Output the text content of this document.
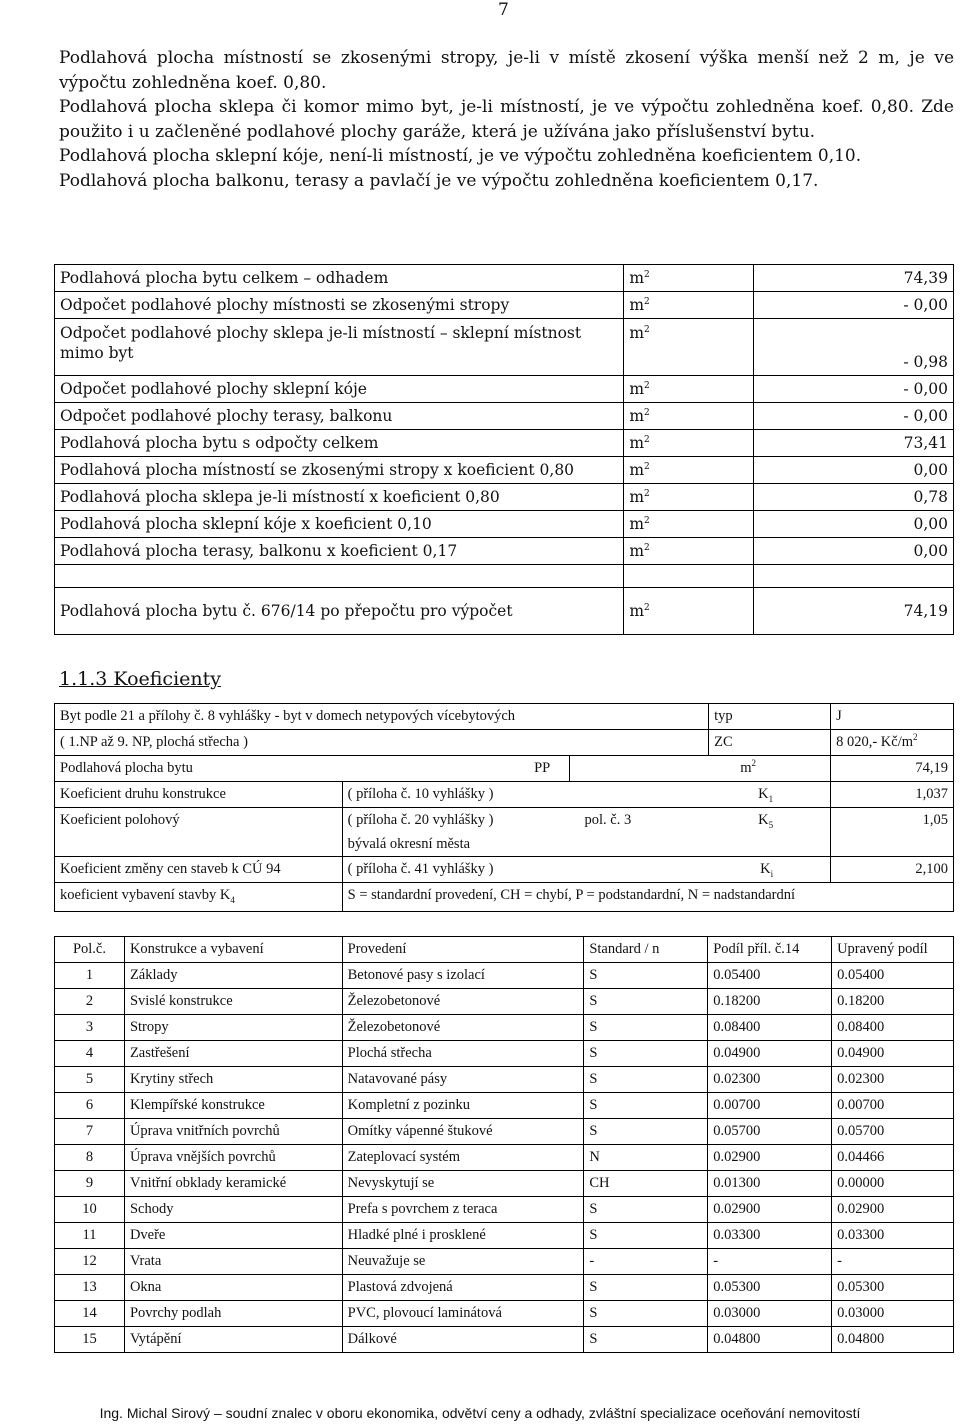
7

Podlahová plocha místností se zkosenými stropy, je-li v místě zkosení výška menší než 2 m, je ve výpočtu zohledněna koef. 0,80.

Podlahová plocha sklepa či komor mimo byt, je-li místností, je ve výpočtu zohledněna koef. 0,80. Zde použito i u začleněné podlahové plochy garáže, která je užívána jako příslušenství bytu.

Podlahová plocha sklepní kóje, není-li místností, je ve výpočtu zohledněna koeficientem 0,10.

Podlahová plocha balkonu, terasy a pavlačí je ve výpočtu zohledněna koeficientem 0,17.

Podlahová plocha bytu celkem – odhadem	$m^2$	74,39
Odpočet podlahové plochy místnosti se zkosenými stropy	$m^2$	- 0,00
Odpočet podlahové plochy sklepa je-li místností – sklepní místnost mimo byt	$m^2$	- 0,98
Odpočet podlahové plochy sklepní kóje	$m^2$	- 0,00
Odpočet podlahové plochy terasy, balkonu	$m^2$	- 0,00
Podlahová plocha bytu s odpočty celkem	$m^2$	73,41
Podlahová plocha místností se zkosenými stropy x koeficient 0,80	$m^2$	0,00
Podlahová plocha sklepa je-li místností x koeficient 0,80	$m^2$	0,78
Podlahová plocha sklepní kóje x koeficient 0,10	$m^2$	0,00
Podlahová plocha terasy, balkonu x koeficient 0,17	$m^2$	0,00

Podlahová plocha bytu č. 676/14 po přepočtu pro výpočet	$m^2$	74,19
1.1.3 Koeficienty
Byt podle 21 a přílohy č. 8 vyhlášky - byt v domech netypových vícebytových			typ	J
( 1.NP až 9. NP, plochá střecha )			ZC	8 020,- $Kč/m^2$
Podlahová plocha bytu PP		$m^2$		74,19
Koeficient druhu konstrukce	( příloha č. 10 vyhlášky ) $K_1$			1,037
Koeficient polohový	( příloha č. 20 vyhlášky ) pol. č. 3 $K_5$

bývalá okresní města			1,05
Koeficient změny cen staveb k CÚ 94	( příloha č. 41 vyhlášky ) $K_i$			2,100
koeficient vybavení stavby $K_4$	S = standardní provedení, CH = chybí, P = podstandardní, N = nadstandardní			
Pol.č.	Konstrukce a vybavení	Provedení	Standard / n	Podíl příl. č.14	Upravený podíl
1	Základy	Betonové pasy s izolací	S	0.05400	0.05400
2	Svislé konstrukce	Železobetonové	S	0.18200	0.18200
3	Stropy	Železobetonové	S	0.08400	0.08400
4	Zastřešení	Plochá střecha	S	0.04900	0.04900
5	Krytiny střech	Natavované pásy	S	0.02300	0.02300
6	Klempířské konstrukce	Kompletní z pozinku	S	0.00700	0.00700
7	Úprava vnitřních povrchů	Omítky vápenné štukové	S	0.05700	0.05700
8	Úprava vnějších povrchů	Zateplovací systém	N	0.02900	0.04466
9	Vnitřní obklady keramické	Nevyskytují se	CH	0.01300	0.00000
10	Schody	Prefa s povrchem z teraca	S	0.02900	0.02900
11	Dveře	Hladké plné i prosklené	S	0.03300	0.03300
12	Vrata	Neuvažuje se	-	-	-
13	Okna	Plastová zdvojená	S	0.05300	0.05300
14	Povrchy podlah	PVC, plovoucí laminátová	S	0.03000	0.03000
15	Vytápění	Dálkové	S	0.04800	0.04800
Ing. Michal Sirový – soudní znalec v oboru ekonomika, odvětví ceny a odhady, zvláštní specializace oceňování nemovitostí
